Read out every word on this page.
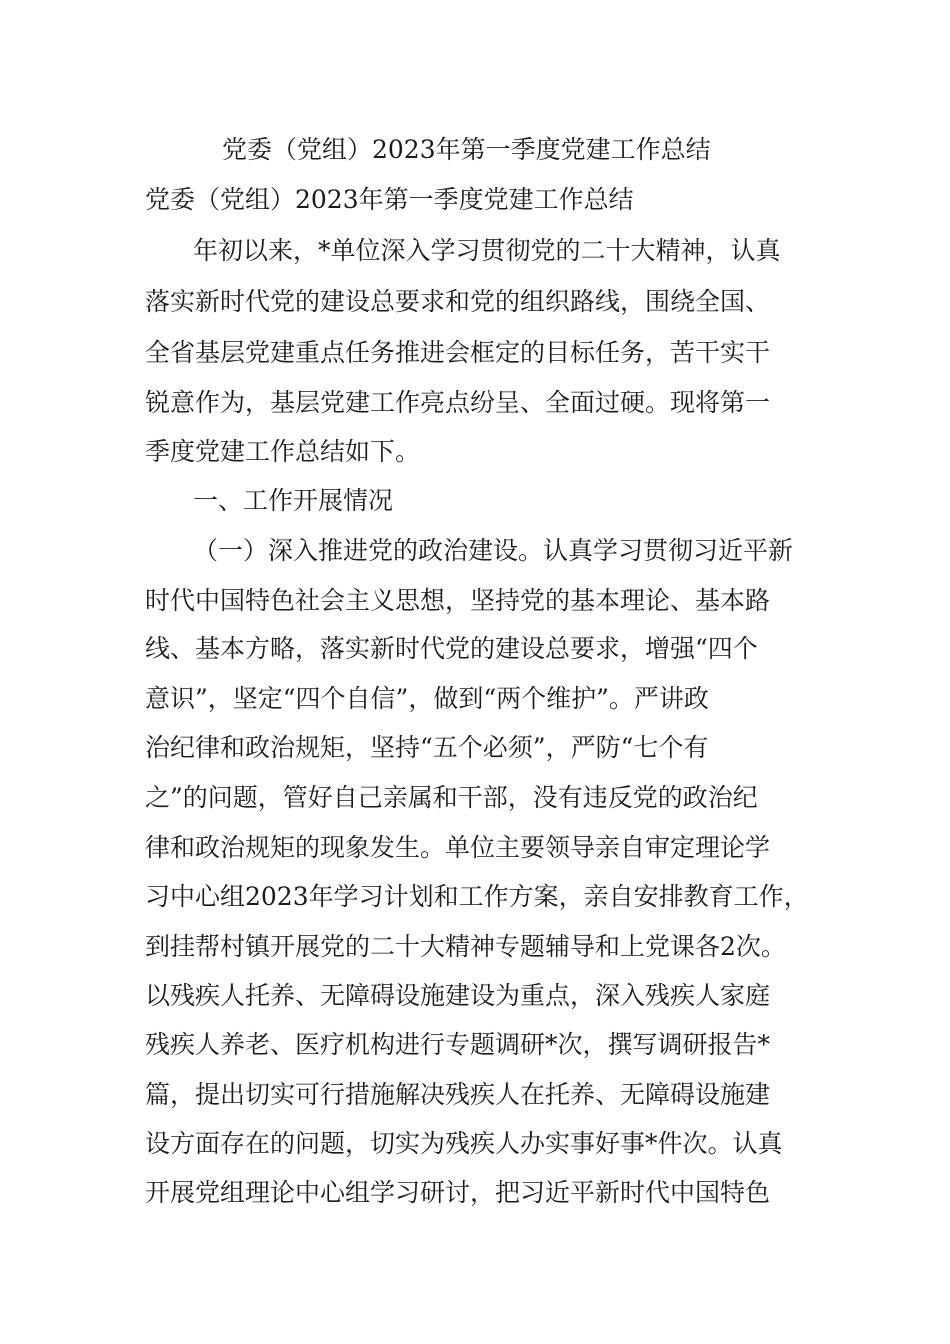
党委（党组）2023年第一季度党建工作总结
党委（党组）2023年第一季度党建工作总结
年初以来，*单位深入学习贯彻党的二十大精神，认真
落实新时代党的建设总要求和党的组织路线，围绕全国、
全省基层党建重点任务推进会框定的目标任务，苦干实干
锐意作为，基层党建工作亮点纷呈、全面过硬。现将第一
季度党建工作总结如下。
一、工作开展情况
（一）深入推进党的政治建设。认真学习贯彻习近平新
时代中国特色社会主义思想，坚持党的基本理论、基本路
线、基本方略，落实新时代党的建设总要求，增强“四个
意识”，坚定“四个自信”，做到“两个维护”。严讲政
治纪律和政治规矩，坚持“五个必须”，严防“七个有
之”的问题，管好自己亲属和干部，没有违反党的政治纪
律和政治规矩的现象发生。单位主要领导亲自审定理论学
习中心组2023年学习计划和工作方案，亲自安排教育工作，
到挂帮村镇开展党的二十大精神专题辅导和上党课各2次。
以残疾人托养、无障碍设施建设为重点，深入残疾人家庭
残疾人养老、医疗机构进行专题调研*次，撰写调研报告*
篇，提出切实可行措施解决残疾人在托养、无障碍设施建
设方面存在的问题，切实为残疾人办实事好事*件次。认真
开展党组理论中心组学习研讨，把习近平新时代中国特色
